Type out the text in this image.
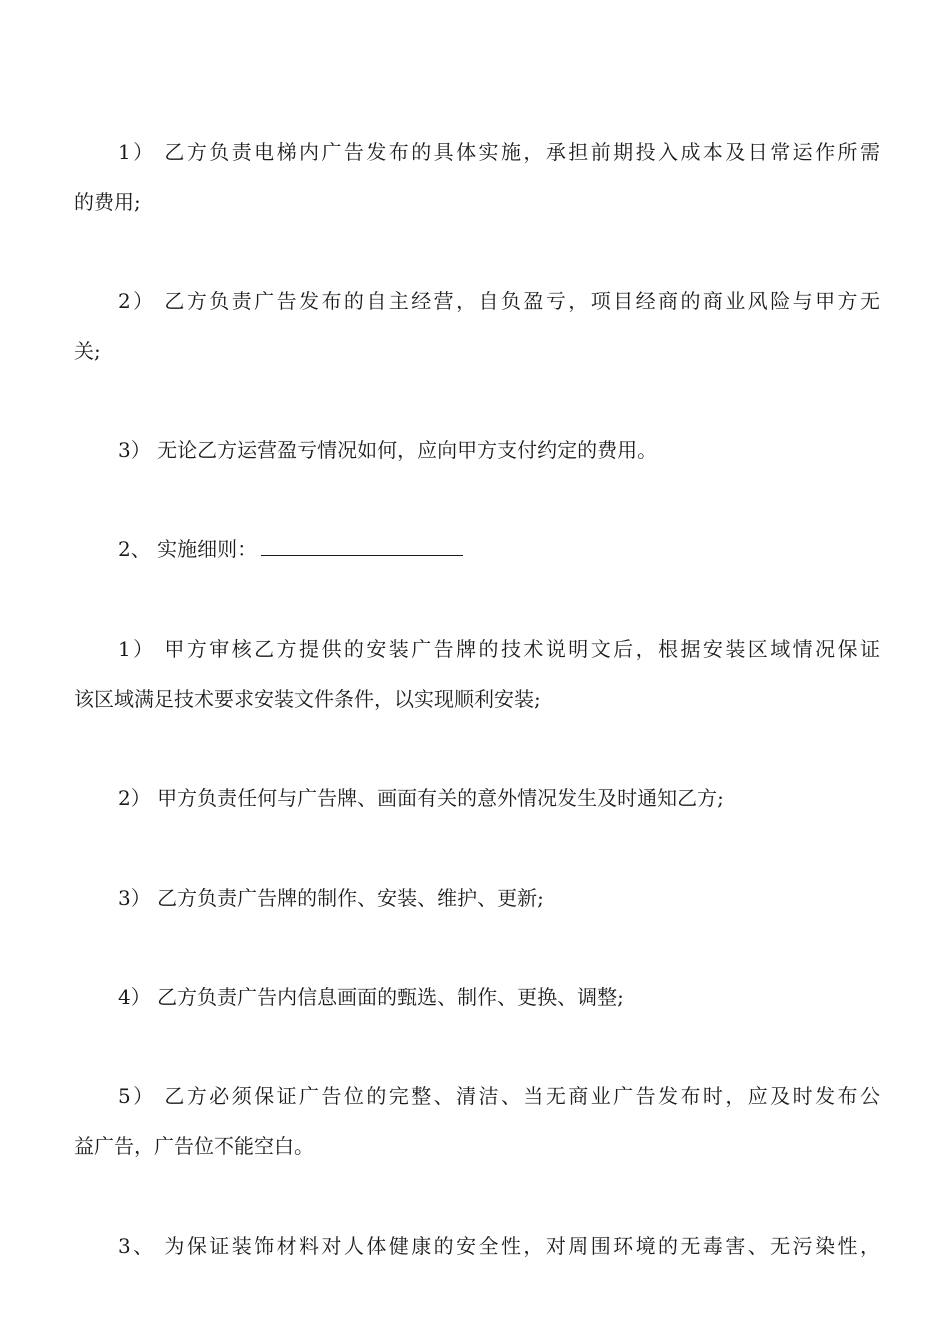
1） 乙方负责电梯内广告发布的具体实施，承担前期投入成本及日常运作所需
的费用;
2） 乙方负责广告发布的自主经营，自负盈亏，项目经商的商业风险与甲方无
关;
3） 无论乙方运营盈亏情况如何，应向甲方支付约定的费用。
2、 实施细则：
1） 甲方审核乙方提供的安装广告牌的技术说明文后，根据安装区域情况保证
该区域满足技术要求安装文件条件，以实现顺利安装;
2） 甲方负责任何与广告牌、画面有关的意外情况发生及时通知乙方;
3） 乙方负责广告牌的制作、安装、维护、更新;
4） 乙方负责广告内信息画面的甄选、制作、更换、调整;
5） 乙方必须保证广告位的完整、清洁、当无商业广告发布时，应及时发布公
益广告，广告位不能空白。
3、 为保证装饰材料对人体健康的安全性，对周围环境的无毒害、无污染性，
